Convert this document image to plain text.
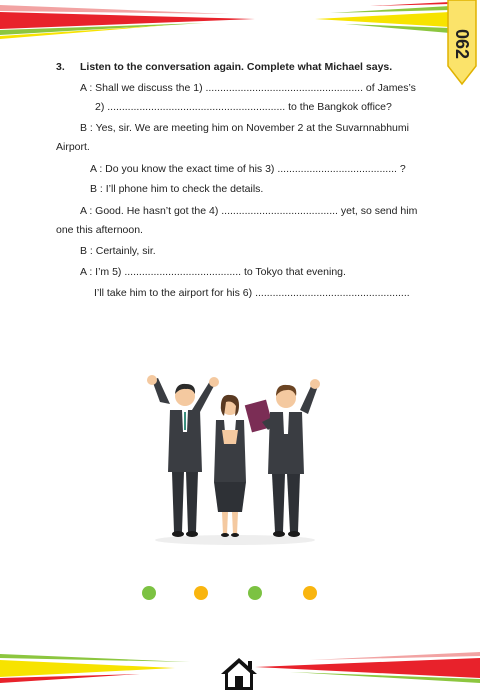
062
3. Listen to the conversation again. Complete what Michael says.
A : Shall we discuss the 1) ...................................................... of James’s
2) ............................................................. to the Bangkok office?
B : Yes, sir. We are meeting him on November 2 at the Suvarnnabhumi
Airport.
A : Do you know the exact time of his 3) ......................................... ?
B : I’ll phone him to check the details.
A : Good. He hasn’t got the 4) ........................................ yet, so send him
one this afternoon.
B : Certainly, sir.
A : I’m 5) ........................................ to Tokyo that evening.
I’ll take him to the airport for his 6) .....................................................
